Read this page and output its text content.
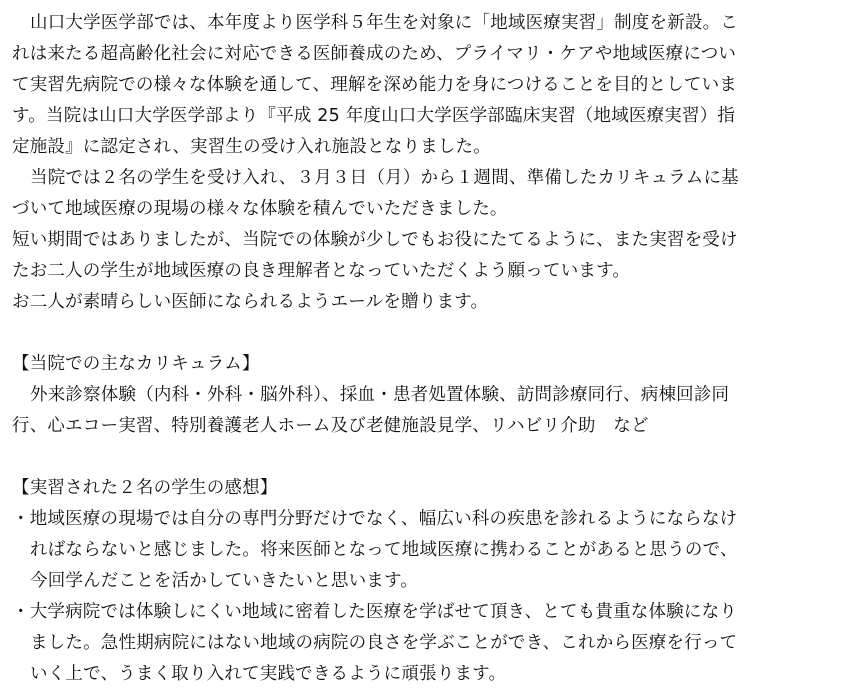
山口大学医学部では、本年度より医学科５年生を対象に「地域医療実習」制度を新設。こ
れは来たる超高齢化社会に対応できる医師養成のため、プライマリ・ケアや地域医療につい
て実習先病院での様々な体験を通して、理解を深め能力を身につけることを目的としていま
す。当院は山口大学医学部より『平成 25 年度山口大学医学部臨床実習（地域医療実習）指
定施設』に認定され、実習生の受け入れ施設となりました。
当院では２名の学生を受け入れ、３月３日（月）から１週間、準備したカリキュラムに基
づいて地域医療の現場の様々な体験を積んでいただきました。
短い期間ではありましたが、当院での体験が少しでもお役にたてるように、また実習を受け
たお二人の学生が地域医療の良き理解者となっていただくよう願っています。
お二人が素晴らしい医師になられるようエールを贈ります。
【当院での主なカリキュラム】
外来診察体験（内科・外科・脳外科）、採血・患者処置体験、訪問診療同行、病棟回診同
行、心エコー実習、特別養護老人ホーム及び老健施設見学、リハビリ介助　など
【実習された２名の学生の感想】
・地域医療の現場では自分の専門分野だけでなく、幅広い科の疾患を診れるようにならなけ
ればならないと感じました。将来医師となって地域医療に携わることがあると思うので、
今回学んだことを活かしていきたいと思います。
・大学病院では体験しにくい地域に密着した医療を学ばせて頂き、とても貴重な体験になり
ました。急性期病院にはない地域の病院の良さを学ぶことができ、これから医療を行って
いく上で、うまく取り入れて実践できるように頑張ります。
